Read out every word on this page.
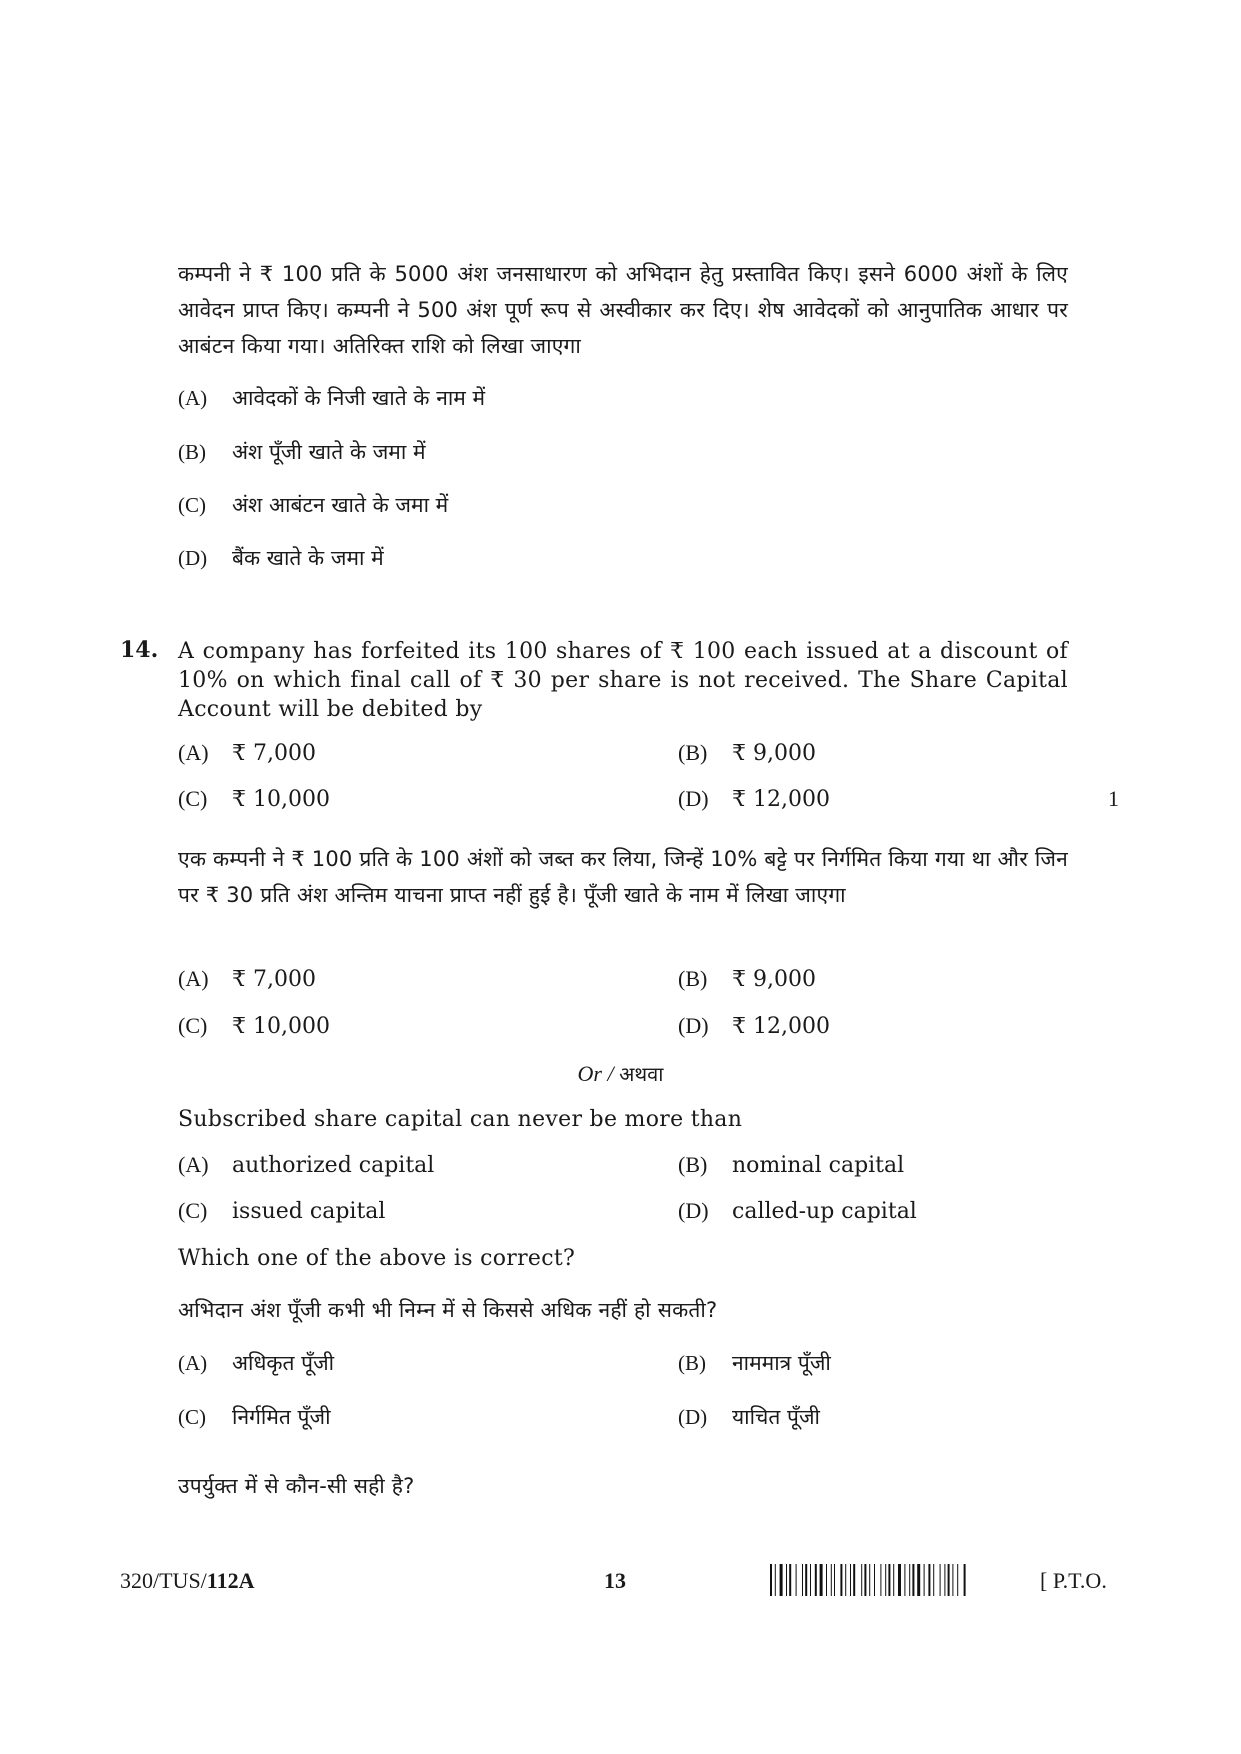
कम्पनी ने ₹ 100 प्रति के 5000 अंश जनसाधारण को अभिदान हेतु प्रस्तावित किए। इसने 6000 अंशों के लिए आवेदन प्राप्त किए। कम्पनी ने 500 अंश पूर्ण रूप से अस्वीकार कर दिए। शेष आवेदकों को आनुपातिक आधार पर आबंटन किया गया। अतिरिक्त राशि को लिखा जाएगा
(A) आवेदकों के निजी खाते के नाम में
(B) अंश पूँजी खाते के जमा में
(C) अंश आबंटन खाते के जमा में
(D) बैंक खाते के जमा में
14. A company has forfeited its 100 shares of ₹ 100 each issued at a discount of 10% on which final call of ₹ 30 per share is not received. The Share Capital Account will be debited by
(A) ₹ 7,000	(B) ₹ 9,000
(C) ₹ 10,000	(D) ₹ 12,000	1
एक कम्पनी ने ₹ 100 प्रति के 100 अंशों को जब्त कर लिया, जिन्हें 10% बट्टे पर निर्गमित किया गया था और जिन पर ₹ 30 प्रति अंश अन्तिम याचना प्राप्त नहीं हुई है। पूँजी खाते के नाम में लिखा जाएगा
(A) ₹ 7,000	(B) ₹ 9,000
(C) ₹ 10,000	(D) ₹ 12,000
Or / अथवा
Subscribed share capital can never be more than
(A) authorized capital	(B) nominal capital
(C) issued capital	(D) called-up capital
Which one of the above is correct?
अभिदान अंश पूँजी कभी भी निम्न में से किससे अधिक नहीं हो सकती?
(A) अधिकृत पूँजी	(B) नाममात्र पूँजी
(C) निर्गमित पूँजी	(D) याचित पूँजी
उपर्युक्त में से कौन-सी सही है?
320/TUS/112A	13	[ P.T.O.
